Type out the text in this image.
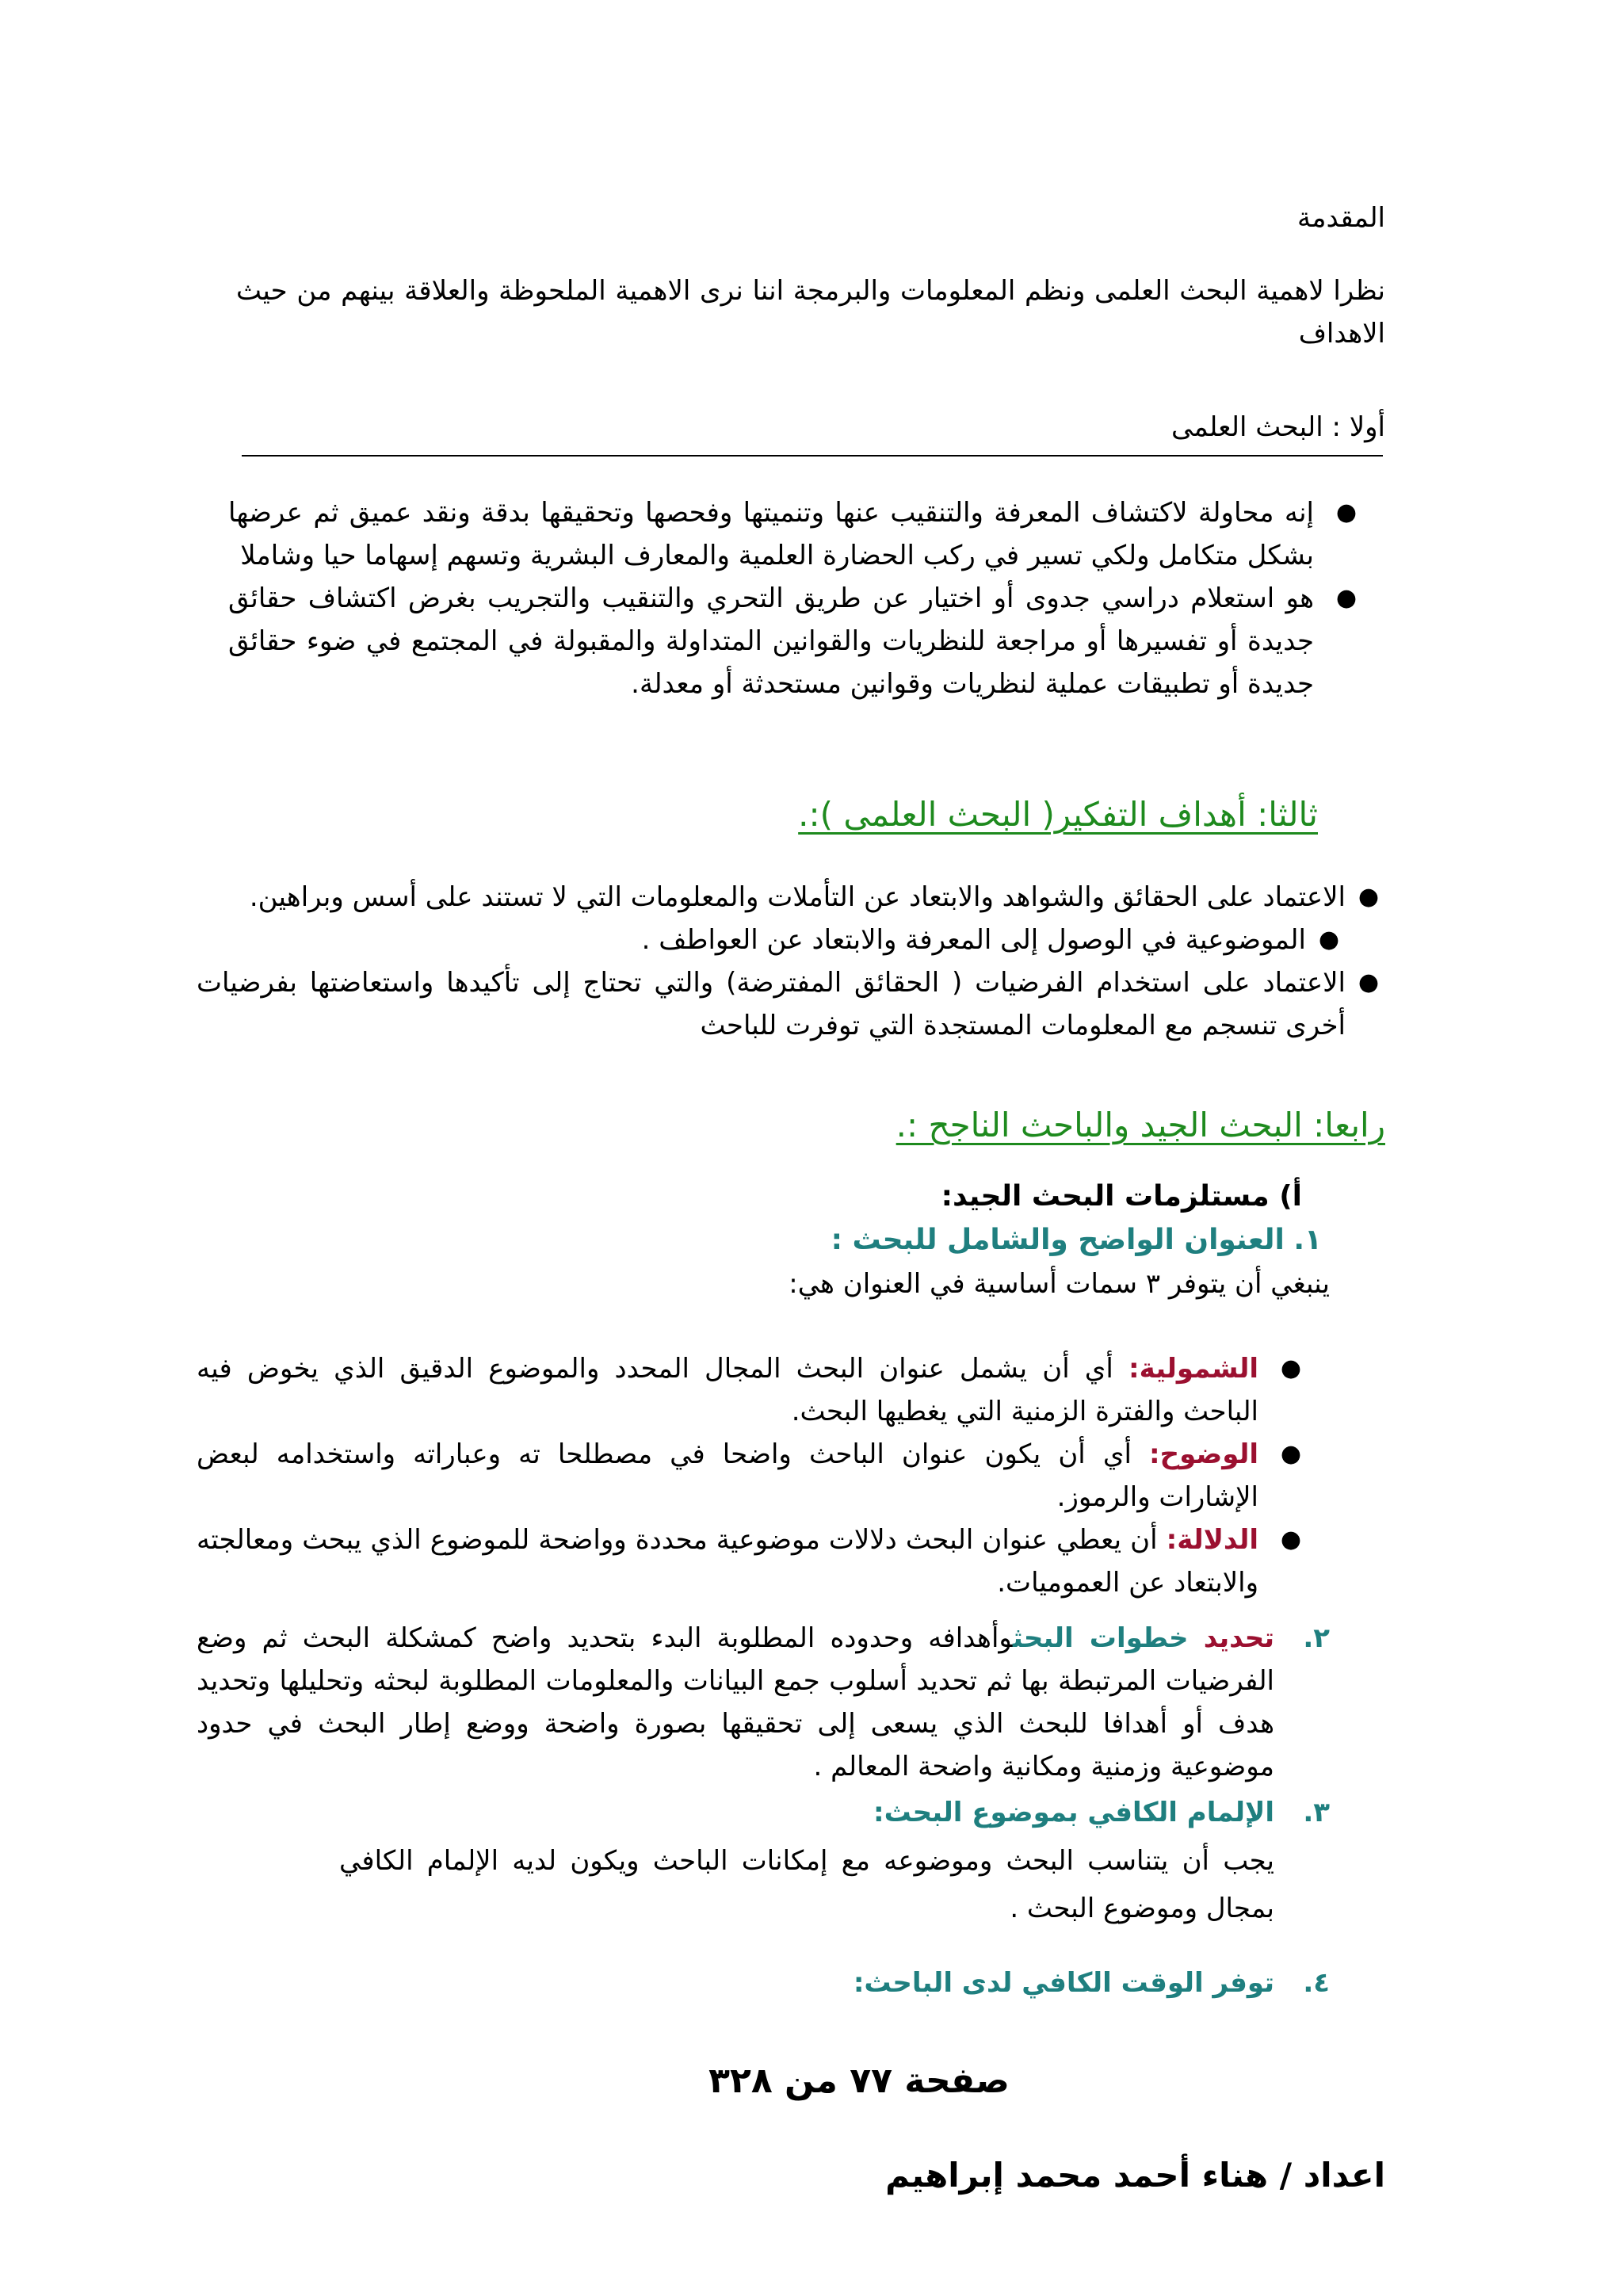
المقدمة
نظرا لاهمية البحث العلمى ونظم المعلومات والبرمجة اننا نرى الاهمية الملحوظة والعلاقة بينهم من حيث الاهداف
أولا : البحث العلمى
●
إنه محاولة لاكتشاف المعرفة والتنقيب عنها وتنميتها وفحصها وتحقيقها بدقة ونقد عميق ثم عرضها بشكل متكامل ولكي تسير في ركب الحضارة العلمية والمعارف البشرية وتسهم إسهاما حيا وشاملا
●
هو استعلام دراسي جدوى أو اختيار عن طريق التحري والتنقيب والتجريب بغرض اكتشاف حقائق جديدة أو تفسيرها أو مراجعة للنظريات والقوانين المتداولة والمقبولة في المجتمع في ضوء حقائق جديدة أو تطبيقات عملية لنظريات وقوانين مستحدثة أو معدلة.
ثالثا: أهداف التفكير( البحث العلمى ):.
●
الاعتماد على الحقائق والشواهد والابتعاد عن التأملات والمعلومات التي لا تستند على أسس وبراهين.
●
الموضوعية في الوصول إلى المعرفة والابتعاد عن العواطف .
●
الاعتماد على استخدام الفرضيات ( الحقائق المفترضة) والتي تحتاج إلى تأكيدها واستعاضتها بفرضيات أخرى تنسجم مع المعلومات المستجدة التي توفرت للباحث
رابعا: البحث الجيد والباحث الناجح :.
أ) مستلزمات البحث الجيد:
١. العنوان الواضح والشامل للبحث :
ينبغي أن يتوفر ٣ سمات أساسية في العنوان هي:
●
الشمولية: أي أن يشمل عنوان البحث المجال المحدد والموضوع الدقيق الذي يخوض فيه الباحث والفترة الزمنية التي يغطيها البحث.
●
الوضوح: أي أن يكون عنوان الباحث واضحا في مصطلحا ته وعباراته واستخدامه لبعض الإشارات والرموز.
●
الدلالة: أن يعطي عنوان البحث دلالات موضوعية محددة وواضحة للموضوع الذي يبحث ومعالجته والابتعاد عن العموميات.
٢.
تحديد خطوات البحثوأهدافه وحدوده المطلوبة البدء بتحديد واضح كمشكلة البحث ثم وضع الفرضيات المرتبطة بها ثم تحديد أسلوب جمع البيانات والمعلومات المطلوبة لبحثه وتحليلها وتحديد هدف أو أهدافا للبحث الذي يسعى إلى تحقيقها بصورة واضحة ووضع إطار البحث في حدود موضوعية وزمنية ومكانية واضحة المعالم .
٣.
الإلمام الكافي بموضوع البحث:
يجب أن يتناسب البحث وموضوعه مع إمكانات الباحث ويكون لديه الإلمام الكافي بمجال وموضوع البحث .
٤.
توفر الوقت الكافي لدى الباحث:
صفحة ٧٧ من ٣٢٨
اعداد / هناء أحمد محمد إبراهيم
